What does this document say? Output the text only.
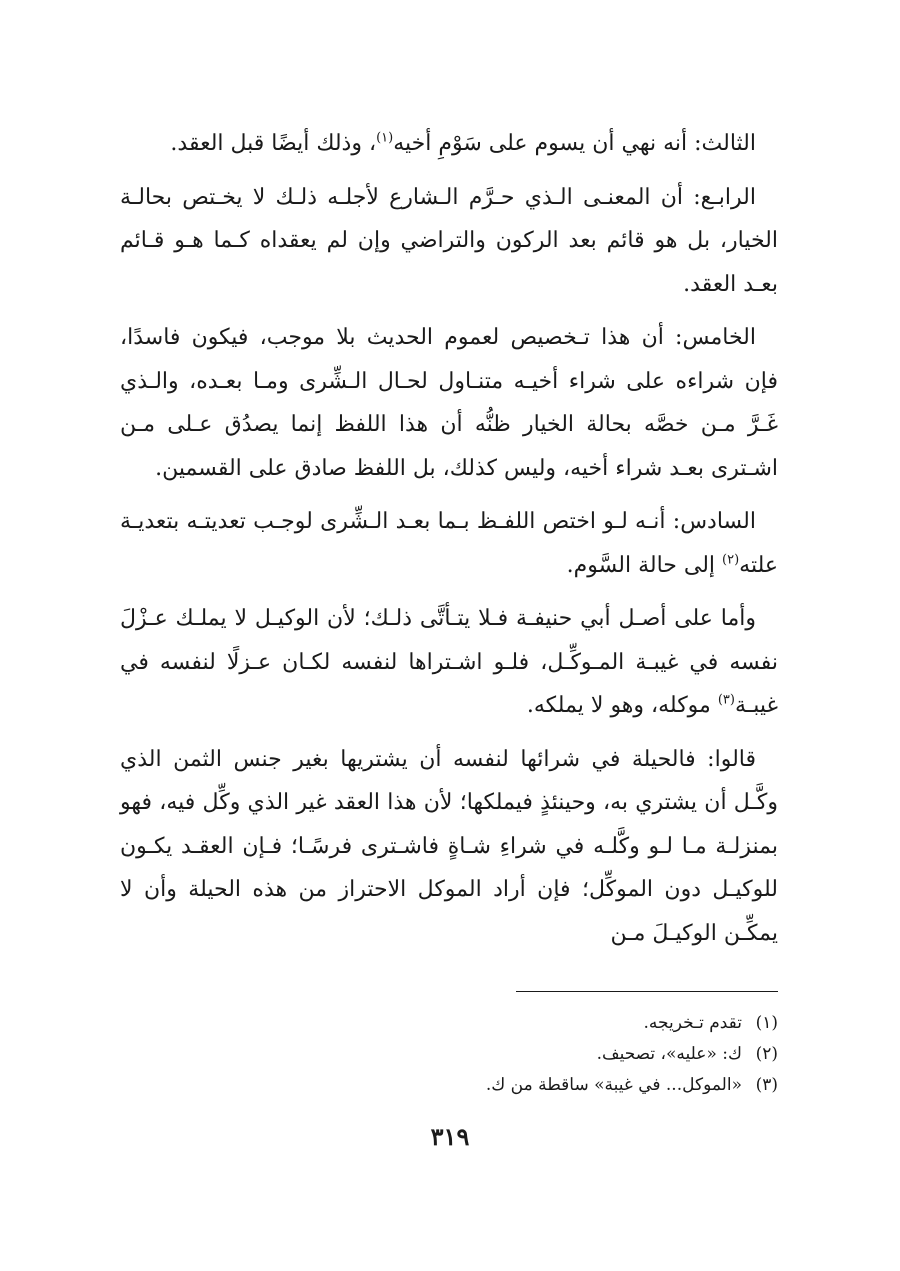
الثالث: أنه نهي أن يسوم على سَوْمِ أخيه$^{(١)}$، وذلك أيضًا قبل العقد.

الرابـع: أن المعنـى الـذي حـرَّم الـشارع لأجلـه ذلـك لا يخـتص بحالـة الخيار، بل هو قائم بعد الركون والتراضي وإن لم يعقداه كـما هـو قـائم بعـد العقد.

الخامس: أن هذا تـخصيص لعموم الحديث بلا موجب، فيكون فاسدًا، فإن شراءه على شراء أخيـه متنـاول لحـال الـشِّرى ومـا بعـده، والـذي غَـرَّ مـن خصَّه بحالة الخيار ظنُّه أن هذا اللفظ إنما يصدُق عـلى مـن اشـترى بعـد شراء أخيه، وليس كذلك، بل اللفظ صادق على القسمين.

السادس: أنـه لـو اختص اللفـظ بـما بعـد الـشِّرى لوجـب تعديتـه بتعديـة علته$^{(٢)}$ إلى حالة السَّوم.

وأما على أصـل أبي حنيفـة فـلا يتـأتَّى ذلـك؛ لأن الوكيـل لا يملـك عـزْلَ نفسه في غيبـة المـوكِّـل، فلـو اشـتراها لنفسه لكـان عـزلًا لنفسه في غيبـة$^{(٣)}$ موكله، وهو لا يملكه.

قالوا: فالحيلة في شرائها لنفسه أن يشتريها بغير جنس الثمن الذي وكَّـل أن يشتري به، وحينئذٍ فيملكها؛ لأن هذا العقد غير الذي وكِّل فيه، فهو بمنزلـة مـا لـو وكَّلـه في شراءِ شـاةٍ فاشـترى فرسًـا؛ فـإن العقـد يكـون للوكيـل دون الموكِّل؛ فإن أراد الموكل الاحتراز من هذه الحيلة وأن لا يمكِّـن الوكيـلَ مـن

(١)تقدم تـخريجه.
(٢)ك: «عليه»، تصحيف.
(٣)«الموكل... في غيبة» ساقطة من ك.
٣١٩
